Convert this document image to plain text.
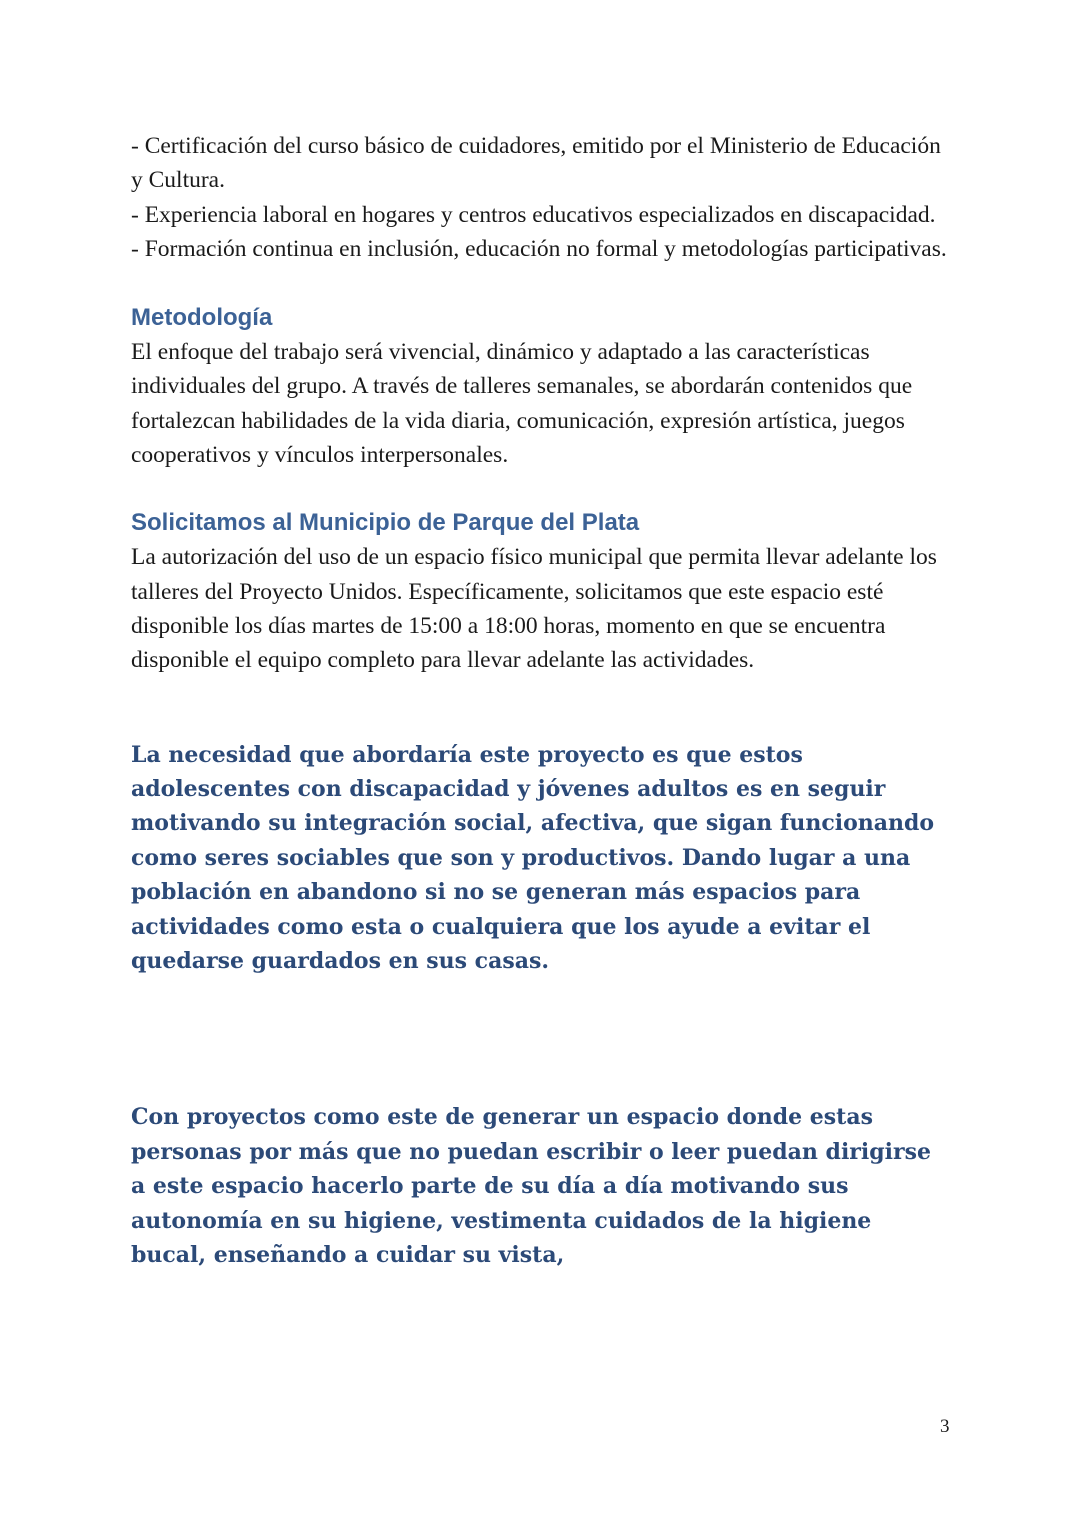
- Certificación del curso básico de cuidadores, emitido por el Ministerio de Educación y Cultura.
- Experiencia laboral en hogares y centros educativos especializados en discapacidad.
- Formación continua en inclusión, educación no formal y metodologías participativas.

Metodología

El enfoque del trabajo será vivencial, dinámico y adaptado a las características individuales del grupo. A través de talleres semanales, se abordarán contenidos que fortalezcan habilidades de la vida diaria, comunicación, expresión artística, juegos cooperativos y vínculos interpersonales.

Solicitamos al Municipio de Parque del Plata

La autorización del uso de un espacio físico municipal que permita llevar adelante los talleres del Proyecto Unidos. Específicamente, solicitamos que este espacio esté disponible los días martes de 15:00 a 18:00 horas, momento en que se encuentra disponible el equipo completo para llevar adelante las actividades.

La necesidad que abordaría este proyecto es que estos adolescentes con discapacidad y jóvenes adultos es en seguir motivando su integración social, afectiva, que sigan funcionando como seres sociables que son y productivos. Dando lugar a una población en abandono si no se generan más espacios para actividades como esta o cualquiera que los ayude a evitar el quedarse guardados en sus casas.

Con proyectos como este de generar un espacio donde estas personas por más que no puedan escribir o leer puedan dirigirse a este espacio hacerlo parte de su día a día motivando sus autonomía en su higiene, vestimenta cuidados de la higiene bucal, enseñando a cuidar su vista,

3
